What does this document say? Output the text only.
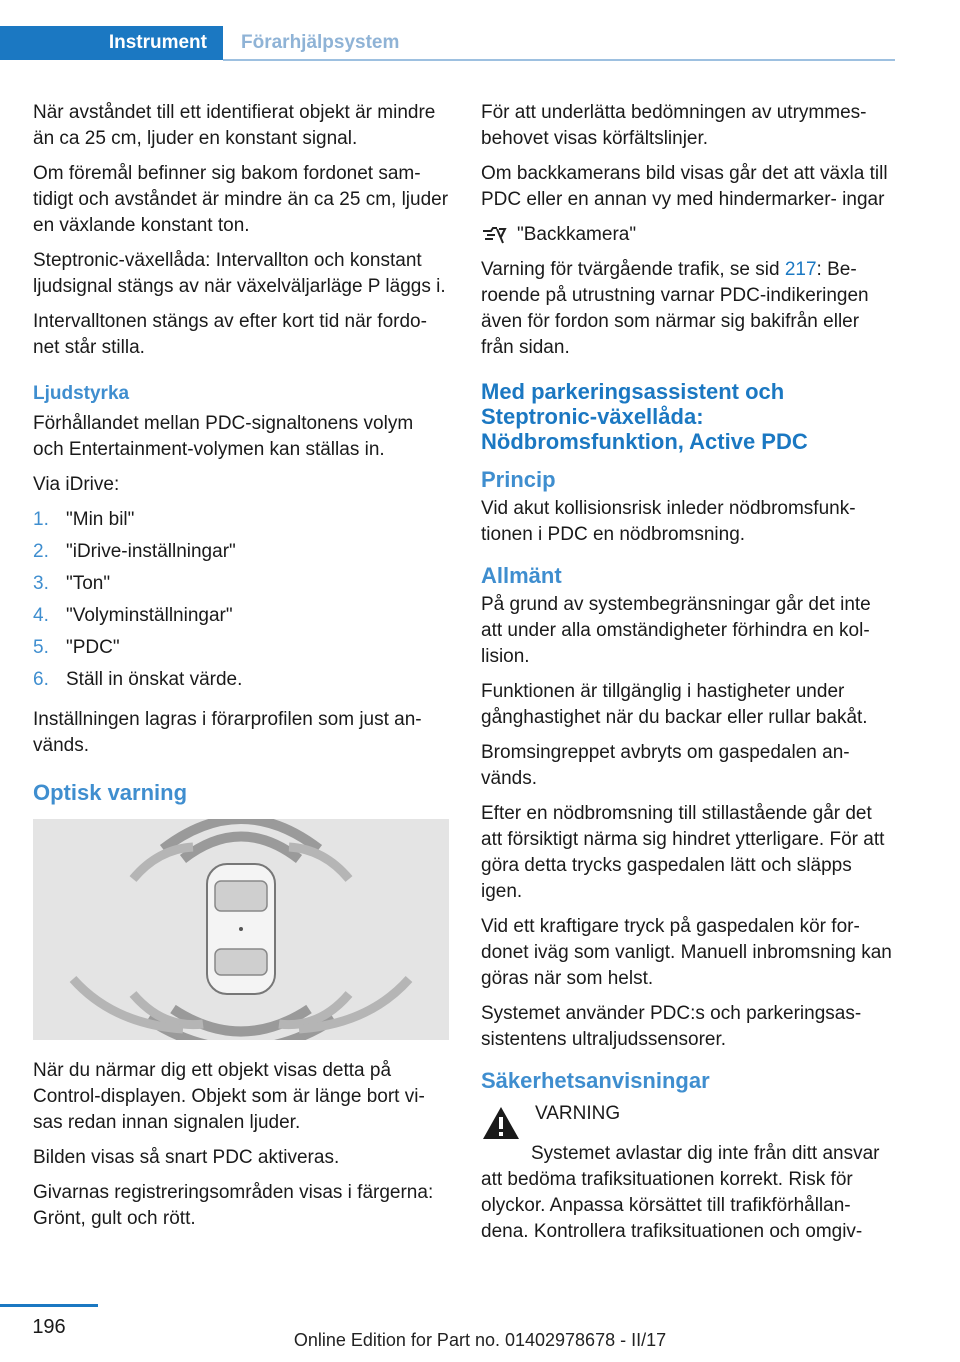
Instrument	Förarhjälpsystem

När avståndet till ett identifierat objekt är mindre än ca 25 cm, ljuder en konstant signal.

Om föremål befinner sig bakom fordonet sam- tidigt och avståndet är mindre än ca 25 cm, ljuder en växlande konstant ton.

Steptronic-växellåda: Intervallton och konstant ljudsignal stängs av när växelväljarläge P läggs i.

Intervalltonen stängs av efter kort tid när fordo- net står stilla.

Ljudstyrka

Förhållandet mellan PDC-signaltonens volym och Entertainment-volymen kan ställas in.

Via iDrive:

1. "Min bil"
2. "iDrive-inställningar"
3. "Ton"
4. "Volyminställningar"
5. "PDC"
6. Ställ in önskat värde.

Inställningen lagras i förarprofilen som just an- vänds.

Optisk varning

När du närmar dig ett objekt visas detta på Control-displayen. Objekt som är länge bort vi- sas redan innan signalen ljuder.

Bilden visas så snart PDC aktiveras.

Givarnas registreringsområden visas i färgerna: Grönt, gult och rött.

För att underlätta bedömningen av utrymmes- behovet visas körfältslinjer.

Om backkamerans bild visas går det att växla till PDC eller en annan vy med hindermarker- ingar

"Backkamera"

Varning för tvärgående trafik, se sid 217: Be- roende på utrustning varnar PDC-indikeringen även för fordon som närmar sig bakifrån eller från sidan.

Med parkeringsassistent och Steptronic-växellåda: Nödbromsfunktion, Active PDC
Princip

Vid akut kollisionsrisk inleder nödbromsfunk- tionen i PDC en nödbromsning.

Allmänt

På grund av systembegränsningar går det inte att under alla omständigheter förhindra en kol- lision.

Funktionen är tillgänglig i hastigheter under gånghastighet när du backar eller rullar bakåt.

Bromsingreppet avbryts om gaspedalen an- vänds.

Efter en nödbromsning till stillastående går det att försiktigt närma sig hindret ytterligare. För att göra detta trycks gaspedalen lätt och släpps igen.

Vid ett kraftigare tryck på gaspedalen kör for- donet iväg som vanligt. Manuell inbromsning kan göras när som helst.

Systemet använder PDC:s och parkeringsas- sistentens ultraljudssensorer.

Säkerhetsanvisningar
VARNING
Systemet avlastar dig inte från ditt ansvar att bedöma trafiksituationen korrekt. Risk för olyckor. Anpassa körsättet till trafikförhållan- dena. Kontrollera trafiksituationen och omgiv-
196
Online Edition for Part no. 01402978678 - II/17
